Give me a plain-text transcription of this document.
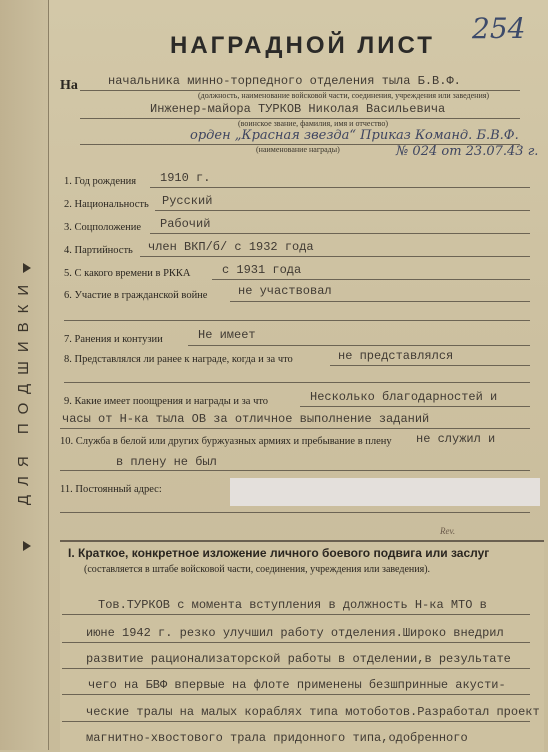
ДЛЯ ПОДШИВКИ
254
НАГРАДНОЙ ЛИСТ
На	начальника минно-торпедного отделения тыла Б.В.Ф.
(должность, наименование войсковой части, соединения, учреждения или заведения)
Инженер-майора ТУРКОВ Николая Васильевича
(воинское звание, фамилия, имя и отчество)
орден „Красная звезда“ Приказ Команд. Б.В.Ф.
№ 024 от 23.07.43 г.
(наименование награды)
1. Год рождения 1910 г.
2. Национальность Русский
3. Соцположение Рабочий
4. Партийность член ВКП/б/ с 1932 года
5. С какого времени в РККА	с 1931 года
6. Участие в гражданской войне	не участвовал
7. Ранения и контузии	Не имеет
8. Представлялся ли ранее к награде, когда и за что	не представлялся
9. Какие имеет поощрения и награды и за что	Несколько благодарностей и
часы от Н-ка тыла ОВ за отличное выполнение заданий
10. Служба в белой или других буржуазных армиях и пребывание в плену не служил и
в плену не был
11. Постоянный адрес:
Rev.
I. Краткое, конкретное изложение личного боевого подвига или заслуг
(составляется в штабе войсковой части, соединения, учреждения или заведения).
Тов.ТУРКОВ с момента вступления в должность Н-ка МТО в
июне 1942 г. резко улучшил работу отделения.Широко внедрил
развитие рационализаторской работы в отделении,в результате
чего на БВФ впервые на флоте применены безшпринные акусти-
ческие тралы на малых кораблях типа мотоботов.Разработал проект
магнитно-хвостового трала придонного типа,одобренного
